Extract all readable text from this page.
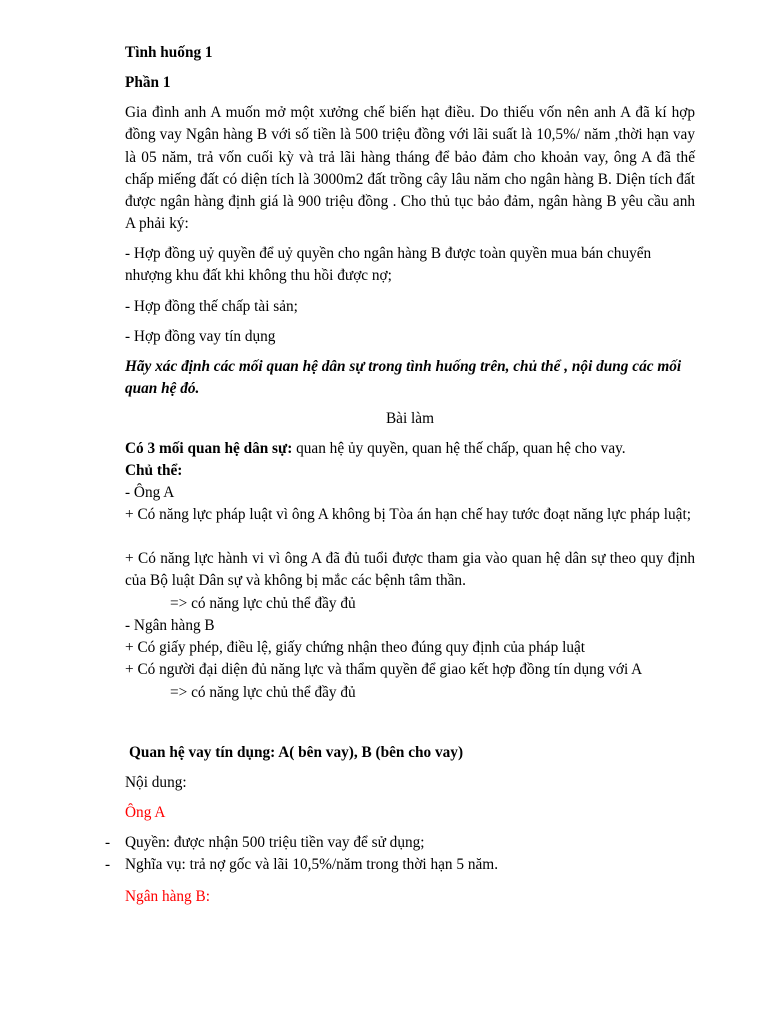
Tình huống 1

Phần 1

Gia đình anh A muốn mở một xưởng chế biến hạt điều. Do thiếu vốn nên anh A đã kí hợp đồng vay Ngân hàng B với số tiền là 500 triệu đồng với lãi suất là 10,5%/ năm ,thời hạn vay là 05 năm, trả vốn cuối kỳ và trả lãi hàng tháng để bảo đảm cho khoản vay, ông A đã thế chấp miếng đất có diện tích là 3000m2 đất trồng cây lâu năm cho ngân hàng B. Diện tích đất được ngân hàng định giá là 900 triệu đồng . Cho thủ tục bảo đảm, ngân hàng B yêu cầu anh A phải ký:

- Hợp đồng uỷ quyền để uỷ quyền cho ngân hàng B được toàn quyền mua bán chuyển nhượng khu đất khi không thu hồi được nợ;

- Hợp đồng thế chấp tài sản;

- Hợp đồng vay tín dụng

Hãy xác định các mối quan hệ dân sự trong tình huống trên, chủ thể , nội dung các mối quan hệ đó.

Bài làm

Có 3 mối quan hệ dân sự: quan hệ ủy quyền, quan hệ thế chấp, quan hệ cho vay.

Chủ thể:

- Ông A

+ Có năng lực pháp luật vì ông A không bị Tòa án hạn chế hay tước đoạt năng lực pháp luật;

+ Có năng lực hành vi vì ông A đã đủ tuổi được tham gia vào quan hệ dân sự theo quy định của Bộ luật Dân sự và không bị mắc các bệnh tâm thần.

=> có năng lực chủ thể đầy đủ

- Ngân hàng B

+ Có giấy phép, điều lệ, giấy chứng nhận theo đúng quy định của pháp luật

+ Có người đại diện đủ năng lực và thẩm quyền để giao kết hợp đồng tín dụng với A

=> có năng lực chủ thể đầy đủ

Quan hệ vay tín dụng: A( bên vay), B (bên cho vay)

Nội dung:

Ông A

- Quyền: được nhận 500 triệu tiền vay để sử dụng;

- Nghĩa vụ: trả nợ gốc và lãi 10,5%/năm trong thời hạn 5 năm.

Ngân hàng B:
